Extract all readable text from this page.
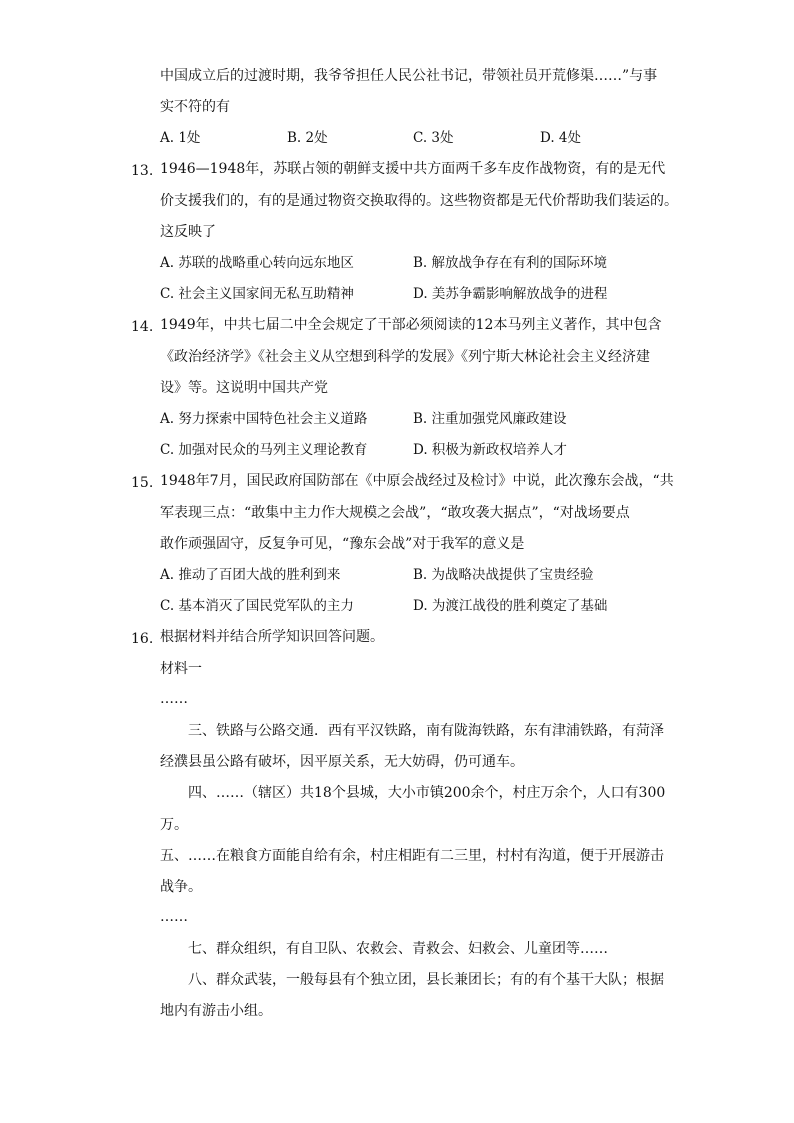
中国成立后的过渡时期，我爷爷担任人民公社书记，带领社员开荒修渠……”与事
实不符的有
A. 1处	B. 2处	C. 3处	D. 4处
13. 1946—1948年，苏联占领的朝鲜支援中共方面两千多车皮作战物资，有的是无代
价支援我们的，有的是通过物资交换取得的。这些物资都是无代价帮助我们装运的。
这反映了
A. 苏联的战略重心转向远东地区	B. 解放战争存在有利的国际环境
C. 社会主义国家间无私互助精神	D. 美苏争霸影响解放战争的进程
14. 1949年，中共七届二中全会规定了干部必须阅读的12本马列主义著作，其中包含
《政治经济学》《社会主义从空想到科学的发展》《列宁斯大林论社会主义经济建
设》等。这说明中国共产党
A. 努力探索中国特色社会主义道路	B. 注重加强党风廉政建设
C. 加强对民众的马列主义理论教育	D. 积极为新政权培养人才
15. 1948年7月，国民政府国防部在《中原会战经过及检讨》中说，此次豫东会战，“共
军表现三点：“敢集中主力作大规模之会战”，“敢攻袭大据点”，“对战场要点
敢作顽强固守，反复争可见，“豫东会战”对于我军的意义是
A. 推动了百团大战的胜利到来	B. 为战略决战提供了宝贵经验
C. 基本消灭了国民党军队的主力	D. 为渡江战役的胜利奠定了基础
16. 根据材料并结合所学知识回答问题。
材料一
……
三、铁路与公路交通．西有平汉铁路，南有陇海铁路，东有津浦铁路，有菏泽
经濮县虽公路有破坏，因平原关系，无大妨碍，仍可通车。
四、……（辖区）共18个县城，大小市镇200余个，村庄万余个，人口有300
万。
五、……在粮食方面能自给有余，村庄相距有二三里，村村有沟道，便于开展游击
战争。
……
七、群众组织，有自卫队、农救会、青救会、妇救会、儿童团等……
八、群众武装，一般每县有个独立团，县长兼团长；有的有个基干大队；根据
地内有游击小组。
